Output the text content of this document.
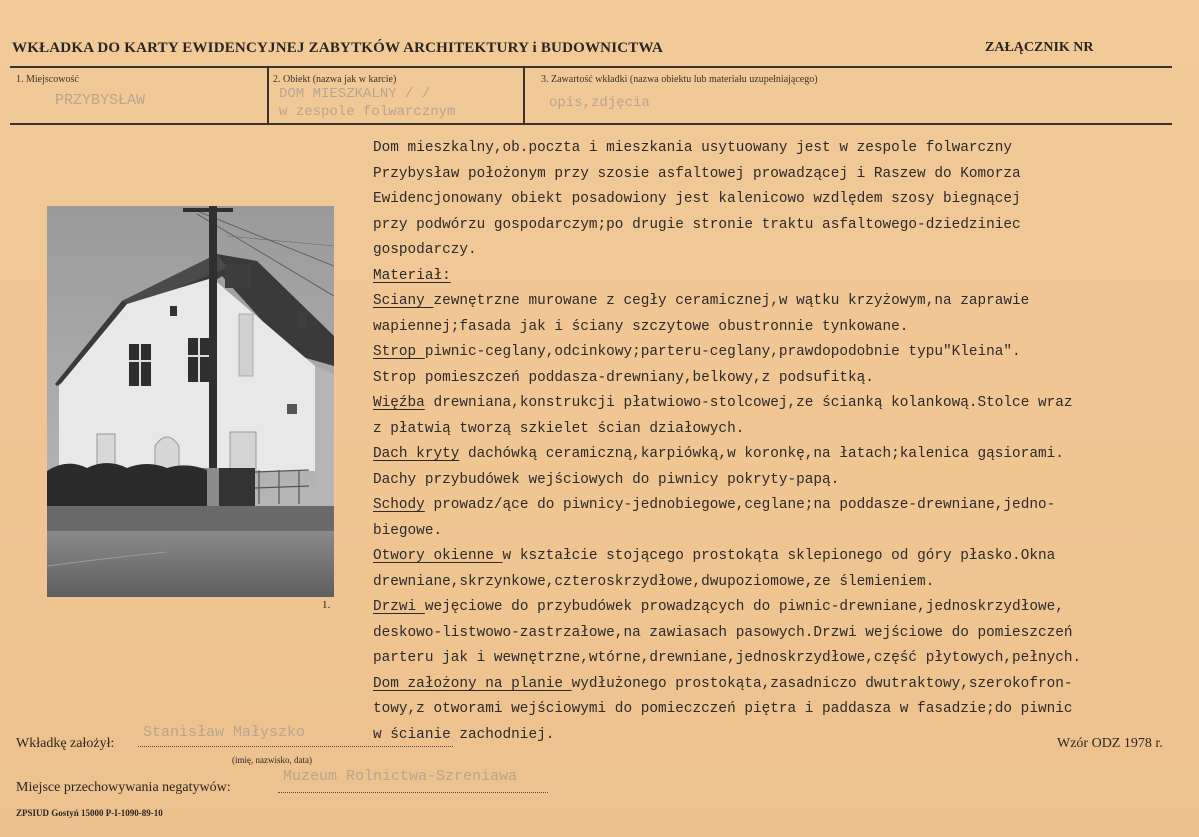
WKŁADKA DO KARTY EWIDENCYJNEJ ZABYTKÓW ARCHITEKTURY i BUDOWNICTWA	ZAŁĄCZNIK NR
1. Miejscowość
PRZYBYSŁAW
2. Obiekt (nazwa jak w karcie)
DOM MIESZKALNY / /
w zespole folwarcznym
3. Zawartość wkładki (nazwa obiektu lub materiału uzupełniającego)
opis,zdjęcia
1.
Dom mieszkalny,ob.poczta i mieszkania usytuowany jest w zespole folwarczny
Przybysław położonym przy szosie asfaltowej prowadzącej i Raszew do Komorza
Ewidencjonowany obiekt posadowiony jest kalenicowo wzdlędem szosy biegnącej
przy podwórzu gospodarczym;po drugie stronie traktu asfaltowego-dziedziniec
gospodarczy.
Materiał:
Sciany zewnętrzne murowane z cegły ceramicznej,w wątku krzyżowym,na zaprawie
wapiennej;fasada jak i ściany szczytowe obustronnie tynkowane.
Strop piwnic-ceglany,odcinkowy;parteru-ceglany,prawdopodobnie typu"Kleina".
Strop pomieszczeń poddasza-drewniany,belkowy,z podsufitką.
Więźba drewniana,konstrukcji płatwiowo-stolcowej,ze ścianką kolankową.Stolce wraz
z płatwią tworzą szkielet ścian działowych.
Dach kryty dachówką ceramiczną,karpiówką,w koronkę,na łatach;kalenica gąsiorami.
Dachy przybudówek wejściowych do piwnicy pokryty-papą.
Schody prowadz/ące do piwnicy-jednobiegowe,ceglane;na poddasze-drewniane,jedno-
biegowe.
Otwory okienne w kształcie stojącego prostokąta sklepionego od góry płasko.Okna
drewniane,skrzynkowe,czteroskrzydłowe,dwupoziomowe,ze ślemieniem.
Drzwi wejęciowe do przybudówek prowadzących do piwnic-drewniane,jednoskrzydłowe,
deskowo-listwowo-zastrzałowe,na zawiasach pasowych.Drzwi wejściowe do pomieszczeń
parteru jak i wewnętrzne,wtórne,drewniane,jednoskrzydłowe,część płytowych,pełnych.
Dom założony na planie wydłużonego prostokąta,zasadniczo dwutraktowy,szerokofron-
towy,z otworami wejściowymi do pomieczczeń piętra i paddasza w fasadzie;do piwnic
w ścianie zachodniej.
Wkładkę założył:
Stanisław Małyszko
(imię, nazwisko, data)
Wzór ODZ 1978 r.
Miejsce przechowywania negatywów:
Muzeum Rolnictwa-Szreniawa
ZPSIUD Gostyń 15000 P-I-1090-89-10
